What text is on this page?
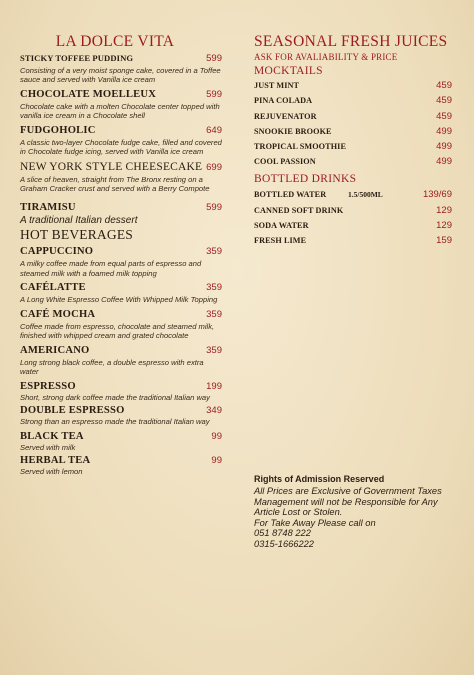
LA DOLCE VITA
STICKY TOFFEE PUDDING	599
Consisting of a very moist sponge cake, covered in a Toffee sauce and served with Vanilla ice cream
CHOCOLATE MOELLEUX	599
Chocolate cake with a molten Chocolate center topped with vanilla ice cream in a Chocolate shell
FUDGOHOLIC	649
A classic two-layer Chocolate fudge cake, filled and covered in Chocolate fudge icing, served with Vanilla ice cream
NEW YORK STYLE CHEESECAKE 699
A slice of heaven, straight from The Bronx resting on a Graham Cracker crust and served with a Berry Compote
TIRAMISU	599
A traditional Italian dessert
HOT BEVERAGES
CAPPUCCINO	359
A milky coffee made from equal parts of espresso and steamed milk with a foamed milk topping
CAFÉLATTE	359
A Long White Espresso Coffee With Whipped Milk Topping
CAFÉ MOCHA	359
Coffee made from espresso, chocolate and steamed milk, finished with whipped cream and grated chocolate
AMERICANO	359
Long strong black coffee, a double espresso with extra water
ESPRESSO	199
Short, strong dark coffee made the traditional Italian way
DOUBLE ESPRESSO	349
Strong than an espresso made the traditional Italian way
BLACK TEA	99
Served with milk
HERBAL TEA	99
Served with lemon
SEASONAL FRESH JUICES
ASK FOR AVALIABILITY & PRICE
MOCKTAILS
JUST MINT	459
PINA COLADA	459
REJUVENATOR	459
SNOOKIE BROOKE	499
TROPICAL SMOOTHIE	499
COOL PASSION	499
BOTTLED DRINKS
BOTTLED WATER	1.5/500ML	139/69
CANNED SOFT DRINK	129
SODA WATER	129
FRESH LIME	159
Rights of Admission Reserved
All Prices are Exclusive of Government Taxes
Management will not be Responsible for Any
Article Lost or Stolen.
For Take Away Please call on
051 8748 222
0315-1666222
